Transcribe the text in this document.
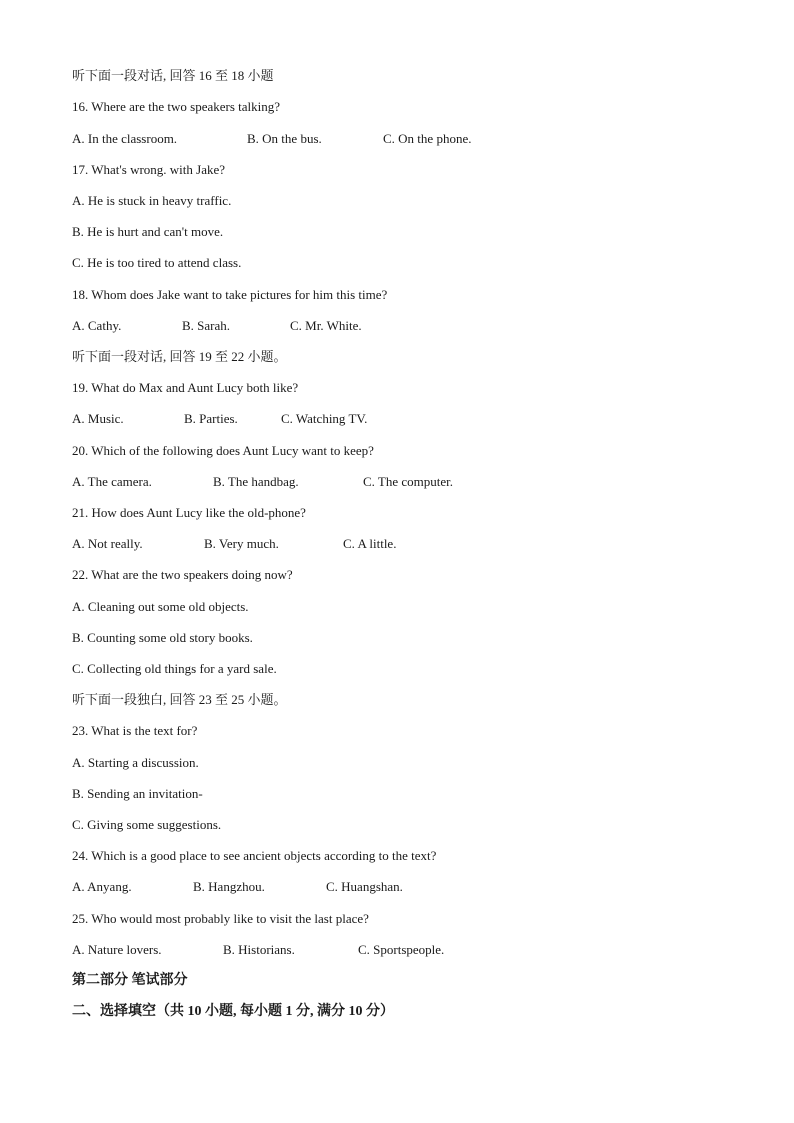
听下面一段对话, 回答 16 至 18 小题
16. Where are the two speakers talking?
A. In the classroom.	B. On the bus.	C. On the phone.
17. What's wrong. with Jake?
A. He is stuck in heavy traffic.
B. He is hurt and can't move.
C. He is too tired to attend class.
18. Whom does Jake want to take pictures for him this time?
A. Cathy.	B. Sarah.	C. Mr. White.
听下面一段对话, 回答 19 至 22 小题。
19. What do Max and Aunt Lucy both like?
A. Music.	B. Parties.	C. Watching TV.
20. Which of the following does Aunt Lucy want to keep?
A. The camera.	B. The handbag.	C. The computer.
21. How does Aunt Lucy like the old-phone?
A. Not really.	B. Very much.	C. A little.
22. What are the two speakers doing now?
A. Cleaning out some old objects.
B. Counting some old story books.
C. Collecting old things for a yard sale.
听下面一段独白, 回答 23 至 25 小题。
23. What is the text for?
A. Starting a discussion.
B. Sending an invitation-
C. Giving some suggestions.
24. Which is a good place to see ancient objects according to the text?
A. Anyang.	B. Hangzhou.	C. Huangshan.
25. Who would most probably like to visit the last place?
A. Nature lovers.	B. Historians.	C. Sportspeople.
第二部分 笔试部分
二、选择填空（共 10 小题, 每小题 1 分, 满分 10 分）
